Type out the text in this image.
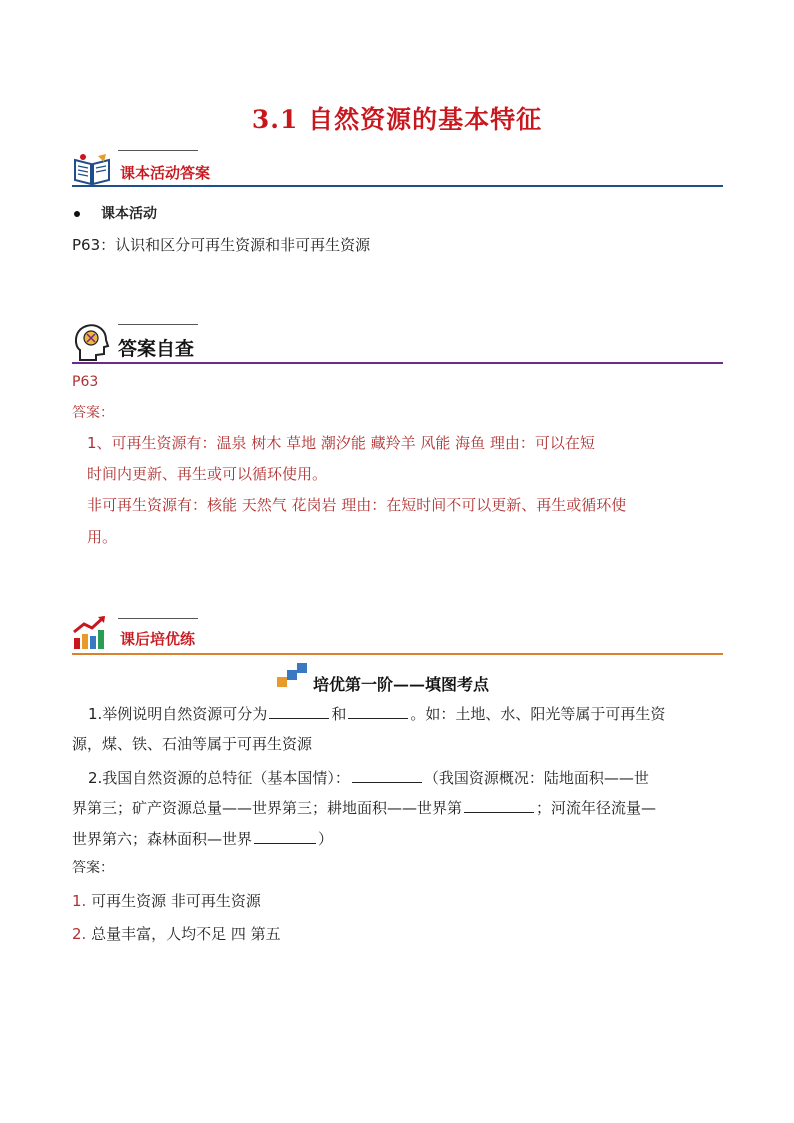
3.1 自然资源的基本特征
课本活动答案
课本活动
P63：认识和区分可再生资源和非可再生资源
答案自查
P63
答案：
1、可再生资源有：温泉 树木 草地 潮汐能 藏羚羊 风能 海鱼 理由：可以在短
时间内更新、再生或可以循环使用。
非可再生资源有：核能 天然气 花岗岩 理由：在短时间不可以更新、再生或循环使
用。
课后培优练
培优第一阶——填图考点
1.举例说明自然资源可分为	和	。如：土地、水、阳光等属于可再生资
源，煤、铁、石油等属于可再生资源
2.我国自然资源的总特征（基本国情）：	（我国资源概况：陆地面积——世
界第三；矿产资源总量——世界第三；耕地面积——世界第	；河流年径流量—
世界第六；森林面积—世界	）
答案：
1. 可再生资源 非可再生资源
2. 总量丰富，人均不足 四 第五
